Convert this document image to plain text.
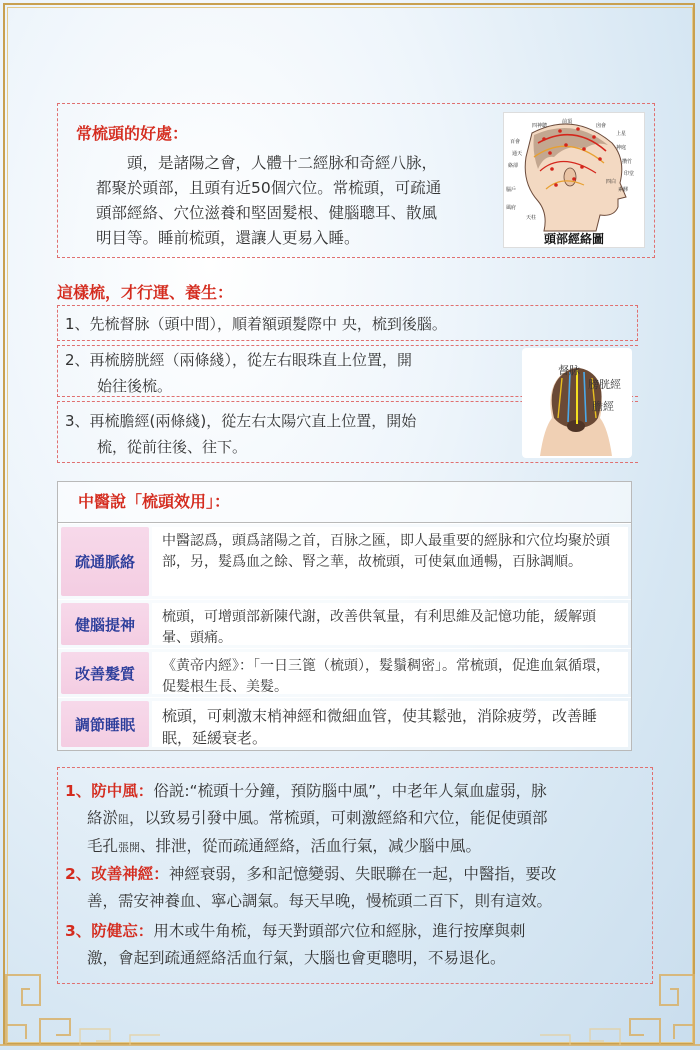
常梳頭的好處：

頭，是諸陽之會，人體十二經脉和奇經八脉，

都聚於頭部，且頭有近50個穴位。常梳頭，可疏通

頭部經絡、穴位滋養和堅固髮根、健腦聰耳、散風

明目等。睡前梳頭，還讓人更易入睡。

四神聰
前頂
囟會
上星
百會
通天
絡卻
神庭
攢竹
印堂
腦戶
風府
素髎
四白
天柱
頭部經絡圖
這樣梳，才行運、養生：
1、先梳督脉（頭中間），順着額頭髮際中 央，梳到後腦。
2、再梳膀胱經（兩條綫），從左右眼珠直上位置，開
始往後梳。
3、再梳膽經(兩條綫)，從左右太陽穴直上位置，開始
梳，從前往後、往下。
督脉
膀胱經
膽經
中醫說「梳頭效用」：
疏通脈絡
中醫認爲，頭爲諸陽之首，百脉之匯，即人最重要的經脉和穴位均聚於頭部，另，髮爲血之餘、腎之華，故梳頭，可使氣血通暢，百脉調順。
健腦提神	梳頭，可增頭部新陳代謝，改善供氧量，有利思維及記憶功能，緩解頭暈、頭痛。
改善髮質	《黄帝内經》：「一日三篦（梳頭），髮鬚稠密」。常梳頭，促進血氣循環，促髮根生長、美髮。
調節睡眠	梳頭，可刺激末梢神經和微細血管，使其鬆弛，消除疲勞，改善睡眠，延緩衰老。
1、防中風：俗説:“梳頭十分鐘，預防腦中風”，中老年人氣血虛弱，脉
絡淤阻，以致易引發中風。常梳頭，可刺激經絡和穴位，能促使頭部
毛孔張開、排泄，從而疏通經絡，活血行氣，减少腦中風。
2、改善神經：神經衰弱，多和記憶變弱、失眠聯在一起，中醫指，要改
善，需安神養血、寧心調氣。每天早晚，慢梳頭二百下，則有這效。
3、防健忘：用木或牛角梳，每天對頭部穴位和經脉，進行按摩與刺
激，會起到疏通經絡活血行氣，大腦也會更聰明，不易退化。
